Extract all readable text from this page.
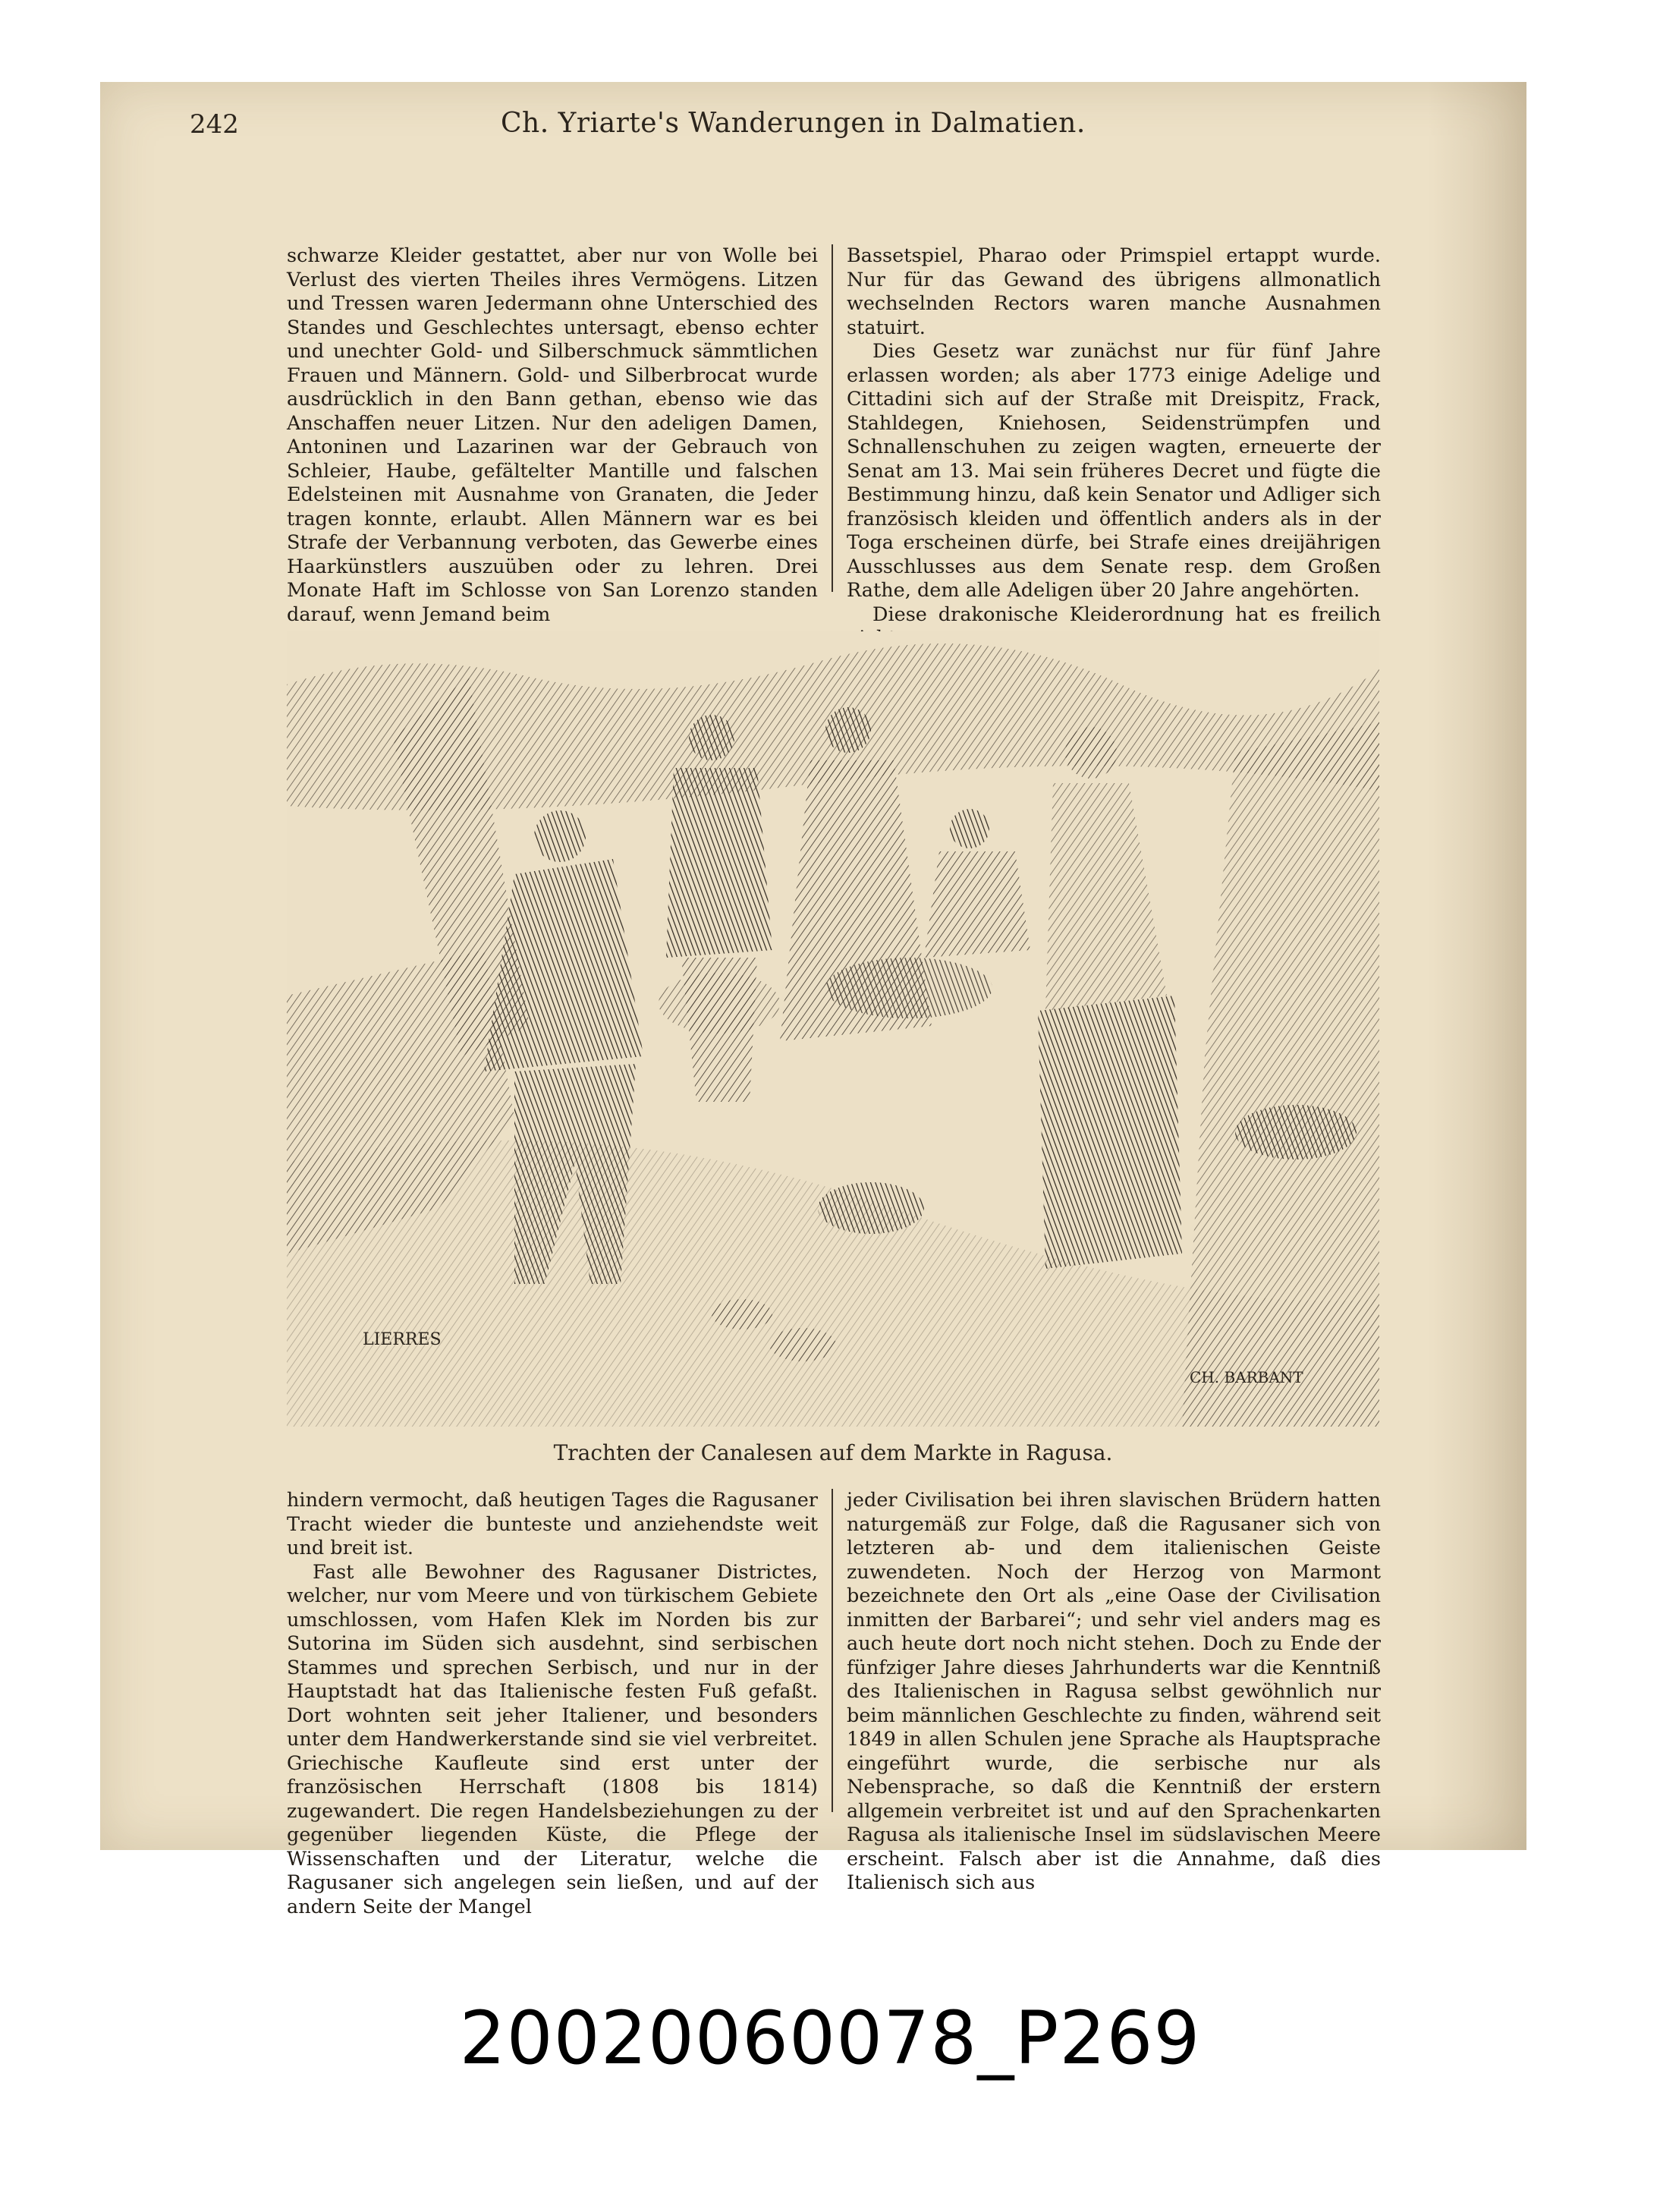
242	Ch. Yriarte's Wanderungen in Dalmatien.

schwarze Kleider gestattet, aber nur von Wolle bei Verlust des vierten Theiles ihres Vermögens. Litzen und Tressen waren Jedermann ohne Unterschied des Standes und Geschlechtes untersagt, ebenso echter und unechter Gold- und Silberschmuck sämmtlichen Frauen und Männern. Gold- und Silberbrocat wurde ausdrücklich in den Bann gethan, ebenso wie das Anschaffen neuer Litzen. Nur den adeligen Damen, Antoninen und Lazarinen war der Gebrauch von Schleier, Haube, gefältelter Mantille und falschen Edelsteinen mit Ausnahme von Granaten, die Jeder tragen konnte, erlaubt. Allen Männern war es bei Strafe der Verbannung verboten, das Gewerbe eines Haarkünstlers auszuüben oder zu lehren. Drei Monate Haft im Schlosse von San Lorenzo standen darauf, wenn Jemand beim

Bassetspiel, Pharao oder Primspiel ertappt wurde. Nur für das Gewand des übrigens allmonatlich wechselnden Rectors waren manche Ausnahmen statuirt.

Dies Gesetz war zunächst nur für fünf Jahre erlassen worden; als aber 1773 einige Adelige und Cittadini sich auf der Straße mit Dreispitz, Frack, Stahldegen, Kniehosen, Seidenstrümpfen und Schnallenschuhen zu zeigen wagten, erneuerte der Senat am 13. Mai sein früheres Decret und fügte die Bestimmung hinzu, daß kein Senator und Adliger sich französisch kleiden und öffentlich anders als in der Toga erscheinen dürfe, bei Strafe eines dreijährigen Ausschlusses aus dem Senate resp. dem Großen Rathe, dem alle Adeligen über 20 Jahre angehörten.

Diese drakonische Kleiderordnung hat es freilich

LIERRES
CH. BARBANT
Trachten der Canalesen auf dem Markte in Ragusa.

hindern vermocht, daß heutigen Tages die Ragusaner Tracht wieder die bunteste und anziehendste weit und breit ist.

Fast alle Bewohner des Ragusaner Districtes, welcher, nur vom Meere und von türkischem Gebiete umschlossen, vom Hafen Klek im Norden bis zur Sutorina im Süden sich ausdehnt, sind serbischen Stammes und sprechen Serbisch, und nur in der Hauptstadt hat das Italienische festen Fuß gefaßt. Dort wohnten seit jeher Italiener, und besonders unter dem Handwerkerstande sind sie viel verbreitet. Griechische Kaufleute sind erst unter der französischen Herrschaft (1808 bis 1814) zugewandert. Die regen Handelsbeziehungen zu der gegenüber liegenden Küste, die Pflege der Wissenschaften und der Literatur, welche die Ragusaner sich angelegen sein ließen, und auf der andern Seite der Mangel

jeder Civilisation bei ihren slavischen Brüdern hatten naturgemäß zur Folge, daß die Ragusaner sich von letzteren ab- und dem italienischen Geiste zuwendeten. Noch der Herzog von Marmont bezeichnete den Ort als „eine Oase der Civilisation inmitten der Barbarei“; und sehr viel anders mag es auch heute dort noch nicht stehen. Doch zu Ende der fünfziger Jahre dieses Jahrhunderts war die Kenntniß des Italienischen in Ragusa selbst gewöhnlich nur beim männlichen Geschlechte zu finden, während seit 1849 in allen Schulen jene Sprache als Hauptsprache eingeführt wurde, die serbische nur als Nebensprache, so daß die Kenntniß der erstern allgemein verbreitet ist und auf den Sprachenkarten Ragusa als italienische Insel im südslavischen Meere erscheint. Falsch aber ist die Annahme, daß dies Italienisch sich aus

20020060078_P269
